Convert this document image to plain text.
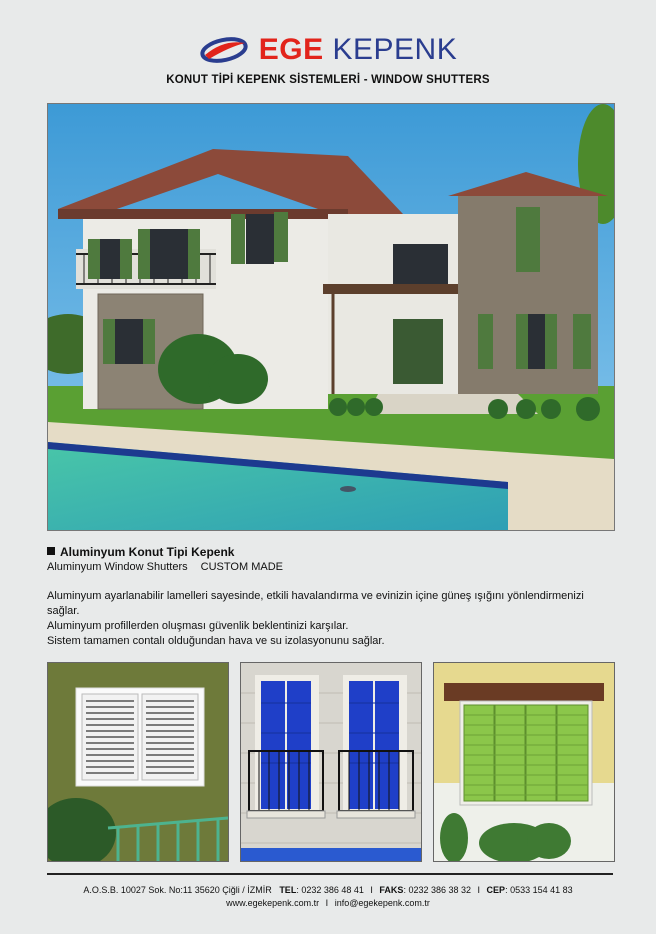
EGE KEPENK
KONUT TİPİ KEPENK SİSTEMLERİ - WINDOW SHUTTERS
Aluminyum Konut Tipi Kepenk
Aluminyum Window Shutters CUSTOM MADE
Aluminyum ayarlanabilir lamelleri sayesinde, etkili havalandırma ve evinizin içine güneş ışığını yönlendirmenizi sağlar.
Aluminyum profillerden oluşması güvenlik beklentinizi karşılar.
Sistem tamamen contalı olduğundan hava ve su izolasyonunu sağlar.
A.O.S.B. 10027 Sok. No:11 35620 Çiğli / İZMİR TEL: 0232 386 48 41 I FAKS: 0232 386 38 32 I CEP: 0533 154 41 83
www.egekepenk.com.tr I info@egekepenk.com.tr
